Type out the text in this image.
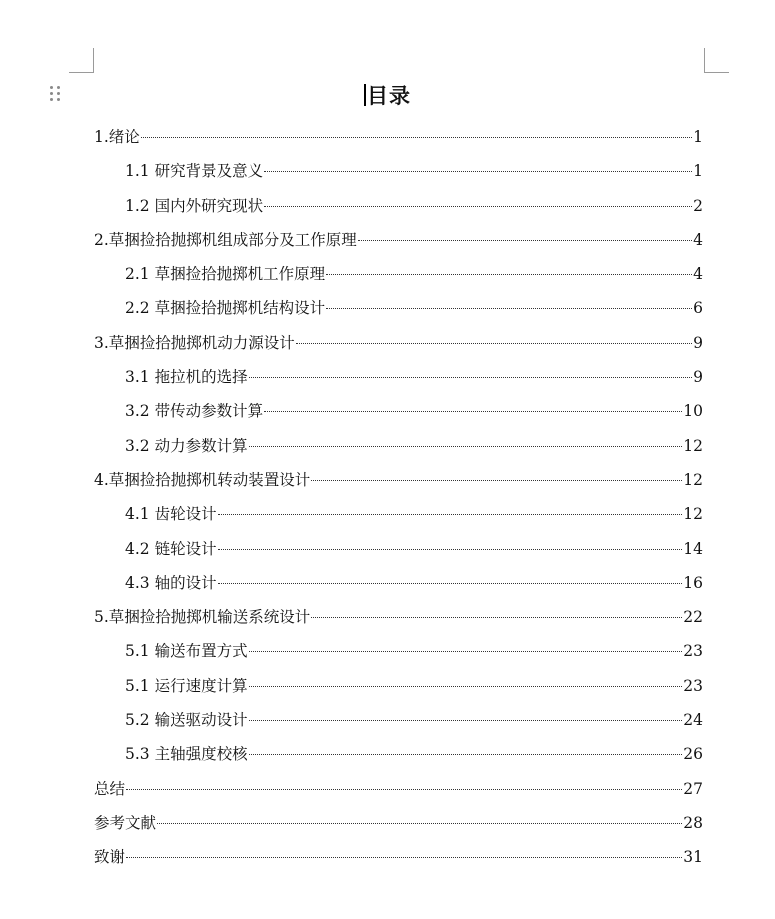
目录
1.绪论	1
1.1 研究背景及意义	1
1.2 国内外研究现状	2
2.草捆捡拾抛掷机组成部分及工作原理	4
2.1 草捆捡拾抛掷机工作原理	4
2.2 草捆捡拾抛掷机结构设计	6
3.草捆捡拾抛掷机动力源设计	9
3.1 拖拉机的选择	9
3.2 带传动参数计算	10
3.2 动力参数计算	12
4.草捆捡拾抛掷机转动装置设计	12
4.1 齿轮设计	12
4.2 链轮设计	14
4.3 轴的设计	16
5.草捆捡拾抛掷机输送系统设计	22
5.1 输送布置方式	23
5.1 运行速度计算	23
5.2 输送驱动设计	24
5.3 主轴强度校核	26
总结	27
参考文献	28
致谢	31
